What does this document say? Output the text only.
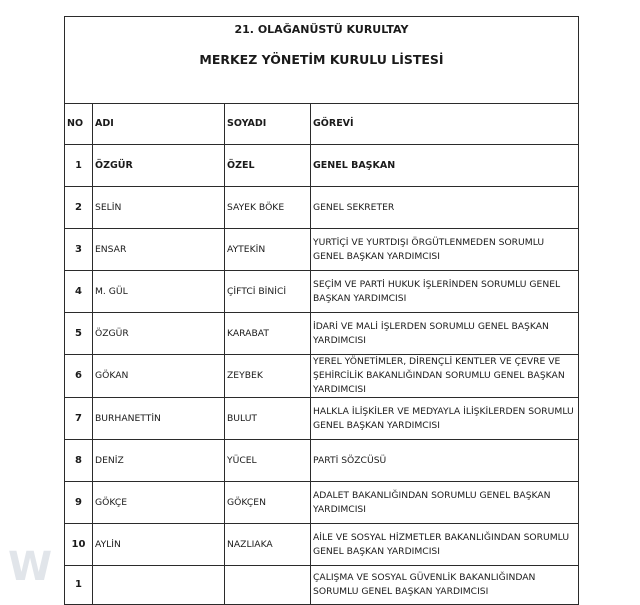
21. OLAĞANÜSTÜ KURULTAY			
MERKEZ YÖNETİM KURULU LİSTESİ			
NO	ADI	SOYADI	GÖREVİ
1	ÖZGÜR	ÖZEL	GENEL BAŞKAN
2	SELİN	SAYEK BÖKE	GENEL SEKRETER
3	ENSAR	AYTEKİN	YURTİÇİ VE YURTDIŞI ÖRGÜTLENMEDEN SORUMLU GENEL BAŞKAN YARDIMCISI
4	M. GÜL	ÇİFTCİ BİNİCİ	SEÇİM VE PARTİ HUKUK İŞLERİNDEN SORUMLU GENEL BAŞKAN YARDIMCISI
5	ÖZGÜR	KARABAT	İDARİ VE MALİ İŞLERDEN SORUMLU GENEL BAŞKAN YARDIMCISI
6	GÖKAN	ZEYBEK	YEREL YÖNETİMLER, DİRENÇLİ KENTLER VE ÇEVRE VE ŞEHİRCİLİK BAKANLIĞINDAN SORUMLU GENEL BAŞKAN YARDIMCISI
7	BURHANETTİN	BULUT	HALKLA İLİŞKİLER VE MEDYAYLA İLİŞKİLERDEN SORUMLU GENEL BAŞKAN YARDIMCISI
8	DENİZ	YÜCEL	PARTİ SÖZCÜSÜ
9	GÖKÇE	GÖKÇEN	ADALET BAKANLIĞINDAN SORUMLU GENEL BAŞKAN YARDIMCISI
10	AYLİN	NAZLIAKA	AİLE VE SOSYAL HİZMETLER BAKANLIĞINDAN SORUMLU GENEL BAŞKAN YARDIMCISI
1			ÇALIŞMA VE SOSYAL GÜVENLİK BAKANLIĞINDAN SORUMLU GENEL BAŞKAN YARDIMCISI
W
